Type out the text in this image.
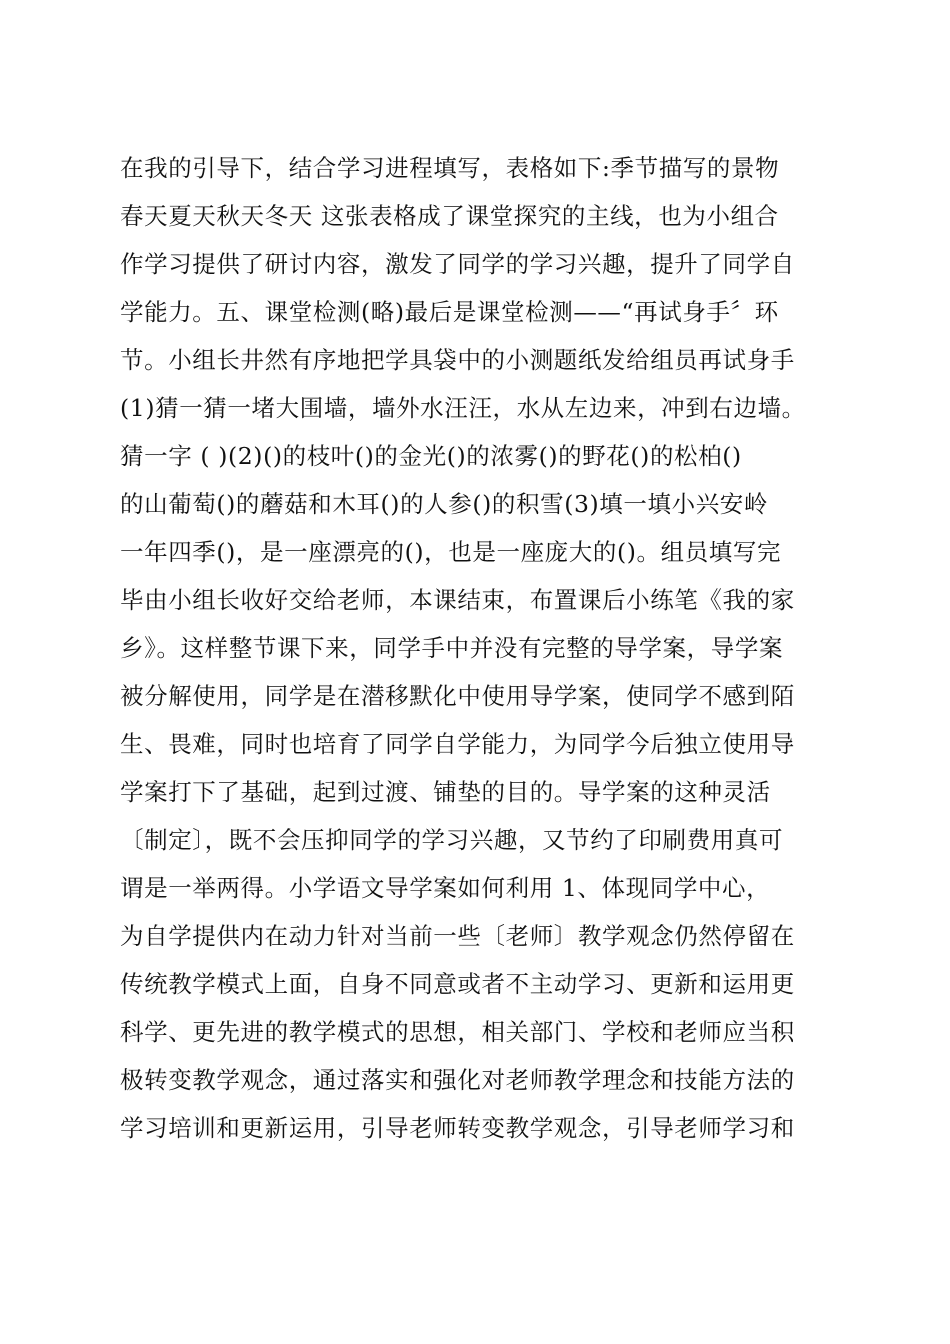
在我的引导下，结合学习进程填写，表格如下:季节描写的景物
春天夏天秋天冬天 这张表格成了课堂探究的主线，也为小组合
作学习提供了研讨内容，激发了同学的学习兴趣，提升了同学自
学能力。五、课堂检测(略)最后是课堂检测——“再试身手〞环
节。小组长井然有序地把学具袋中的小测题纸发给组员再试身手
(1)猜一猜一堵大围墙，墙外水汪汪，水从左边来，冲到右边墙。
猜一字 ( )(2)()的枝叶()的金光()的浓雾()的野花()的松柏()
的山葡萄()的蘑菇和木耳()的人参()的积雪(3)填一填小兴安岭
一年四季()，是一座漂亮的()，也是一座庞大的()。组员填写完
毕由小组长收好交给老师，本课结束，布置课后小练笔《我的家
乡》。这样整节课下来，同学手中并没有完整的导学案，导学案
被分解使用，同学是在潜移默化中使用导学案，使同学不感到陌
生、畏难，同时也培育了同学自学能力，为同学今后独立使用导
学案打下了基础，起到过渡、铺垫的目的。导学案的这种灵活
〔制定〕，既不会压抑同学的学习兴趣，又节约了印刷费用真可
谓是一举两得。小学语文导学案如何利用 1、体现同学中心，
为自学提供内在动力针对当前一些〔老师〕教学观念仍然停留在
传统教学模式上面，自身不同意或者不主动学习、更新和运用更
科学、更先进的教学模式的思想，相关部门、学校和老师应当积
极转变教学观念，通过落实和强化对老师教学理念和技能方法的
学习培训和更新运用，引导老师转变教学观念，引导老师学习和
